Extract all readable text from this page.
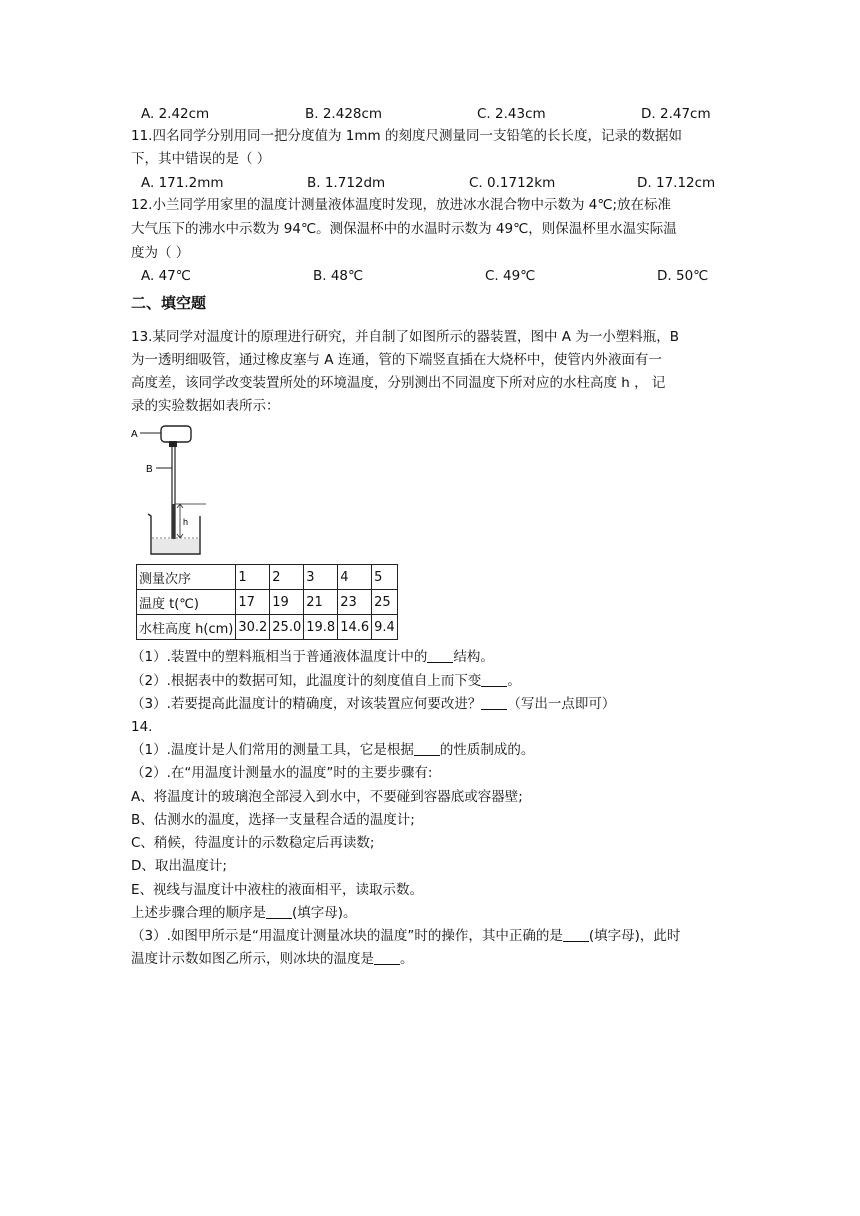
A. 2.42cm	B. 2.428cm	C. 2.43cm	D. 2.47cm
11.四名同学分别用同一把分度值为 1mm 的刻度尺测量同一支铅笔的长长度，记录的数据如
下，其中错误的是（ ）
A. 171.2mm	B. 1.712dm	C. 0.1712km	D. 17.12cm
12.小兰同学用家里的温度计测量液体温度时发现，放进冰水混合物中示数为 4℃;放在标准
大气压下的沸水中示数为 94℃。测保温杯中的水温时示数为 49℃，则保温杯里水温实际温
度为（ ）
A. 47℃	B. 48℃	C. 49℃	D. 50℃
二、填空题
13.某同学对温度计的原理进行研究，并自制了如图所示的器装置，图中 A 为一小塑料瓶，B
为一透明细吸管，通过橡皮塞与 A 连通，管的下端竖直插在大烧杯中，使管内外液面有一
高度差，该同学改变装置所处的环境温度，分别测出不同温度下所对应的水柱高度 h ， 记
录的实验数据如表所示：
A
B
h
测量次序	1	2	3	4	5
温度 t(℃)	17	19	21	23	25
水柱高度 h(cm)	30.2	25.0	19.8	14.6	9.4
（1）.装置中的塑料瓶相当于普通液体温度计中的 结构。
（2）.根据表中的数据可知，此温度计的刻度值自上而下变 。
（3）.若要提高此温度计的精确度，对该装置应何要改进？ （写出一点即可）
14.
（1）.温度计是人们常用的测量工具，它是根据 的性质制成的。
（2）.在“用温度计测量水的温度”时的主要步骤有:
A、将温度计的玻璃泡全部浸入到水中，不要碰到容器底或容器壁;
B、估测水的温度，选择一支量程合适的温度计;
C、稍候，待温度计的示数稳定后再读数;
D、取出温度计;
E、视线与温度计中液柱的液面相平，读取示数。
上述步骤合理的顺序是 (填字母)。
（3）.如图甲所示是“用温度计测量冰块的温度”时的操作，其中正确的是 (填字母)，此时
温度计示数如图乙所示，则冰块的温度是 。
